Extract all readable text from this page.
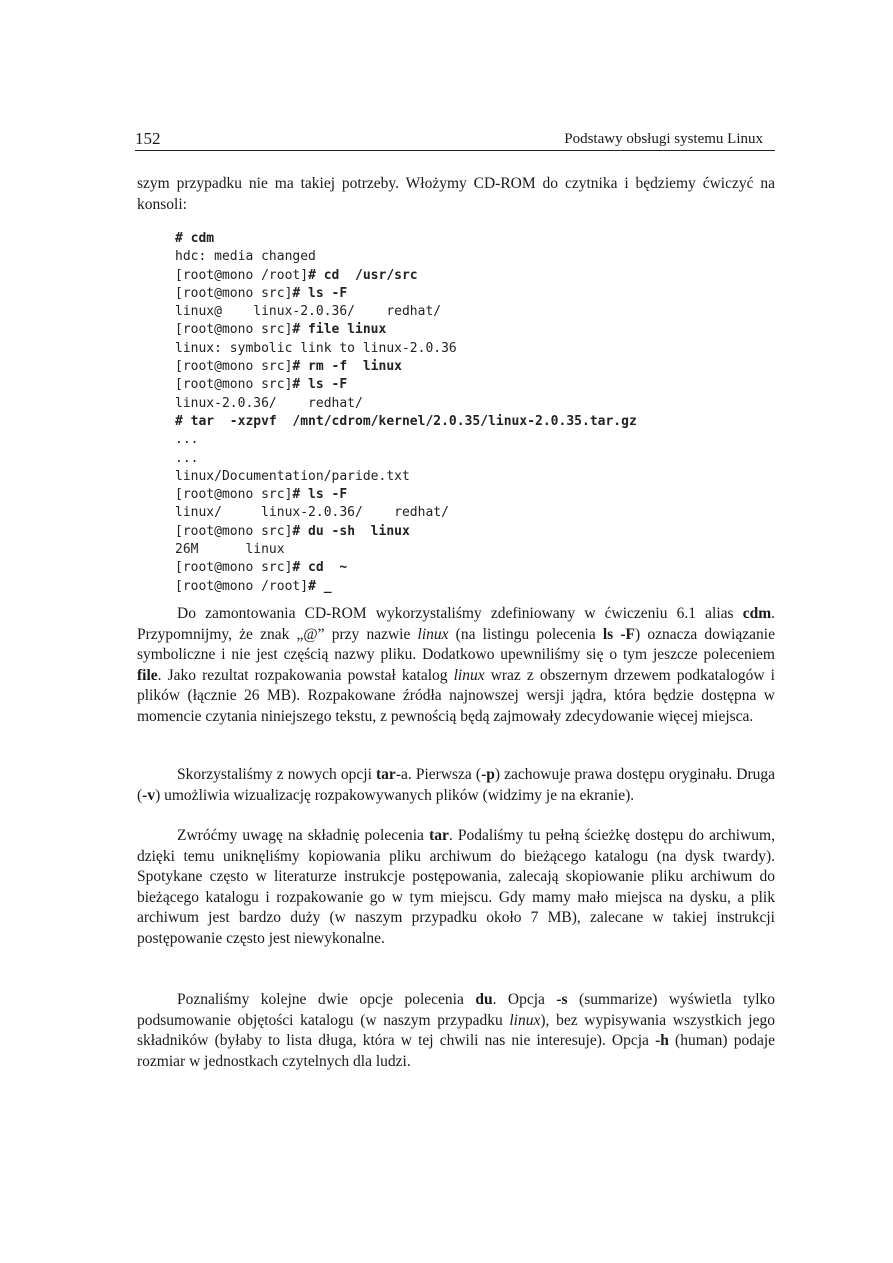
152	Podstawy obsługi systemu Linux

szym przypadku nie ma takiej potrzeby. Włożymy CD-ROM do czytnika i będziemy ćwiczyć na konsoli:

# cdm
hdc: media changed
[root@mono /root]# cd  /usr/src
[root@mono src]# ls -F
linux@    linux-2.0.36/    redhat/
[root@mono src]# file linux
linux: symbolic link to linux-2.0.36
[root@mono src]# rm -f  linux
[root@mono src]# ls -F
linux-2.0.36/    redhat/
# tar  -xzpvf  /mnt/cdrom/kernel/2.0.35/linux-2.0.35.tar.gz
...
...
linux/Documentation/paride.txt
[root@mono src]# ls -F
linux/     linux-2.0.36/    redhat/
[root@mono src]# du -sh  linux
26M      linux
[root@mono src]# cd  ~
[root@mono /root]# _

Do zamontowania CD-ROM wykorzystaliśmy zdefiniowany w ćwiczeniu 6.1 alias cdm. Przypomnijmy, że znak „@” przy nazwie linux (na listingu polecenia ls -F) oznacza dowiązanie symboliczne i nie jest częścią nazwy pliku. Dodatkowo upewniliśmy się o tym jeszcze poleceniem file. Jako rezultat rozpakowania powstał katalog linux wraz z obszernym drzewem podkatalogów i plików (łącznie 26 MB). Rozpakowane źródła najnowszej wersji jądra, która będzie dostępna w momencie czytania niniejszego tekstu, z pewnością będą zajmowały zdecydowanie więcej miejsca.

Skorzystaliśmy z nowych opcji tar-a. Pierwsza (-p) zachowuje prawa dostępu oryginału. Druga (-v) umożliwia wizualizację rozpakowywanych plików (widzimy je na ekranie).

Zwróćmy uwagę na składnię polecenia tar. Podaliśmy tu pełną ścieżkę dostępu do archiwum, dzięki temu uniknęliśmy kopiowania pliku archiwum do bieżącego katalogu (na dysk twardy). Spotykane często w literaturze instrukcje postępowania, zalecają skopiowanie pliku archiwum do bieżącego katalogu i rozpakowanie go w tym miejscu. Gdy mamy mało miejsca na dysku, a plik archiwum jest bardzo duży (w naszym przypadku około 7 MB), zalecane w takiej instrukcji postępowanie często jest niewykonalne.

Poznaliśmy kolejne dwie opcje polecenia du. Opcja -s (summarize) wyświetla tylko podsumowanie objętości katalogu (w naszym przypadku linux), bez wypisywania wszystkich jego składników (byłaby to lista długa, która w tej chwili nas nie interesuje). Opcja -h (human) podaje rozmiar w jednostkach czytelnych dla ludzi.
